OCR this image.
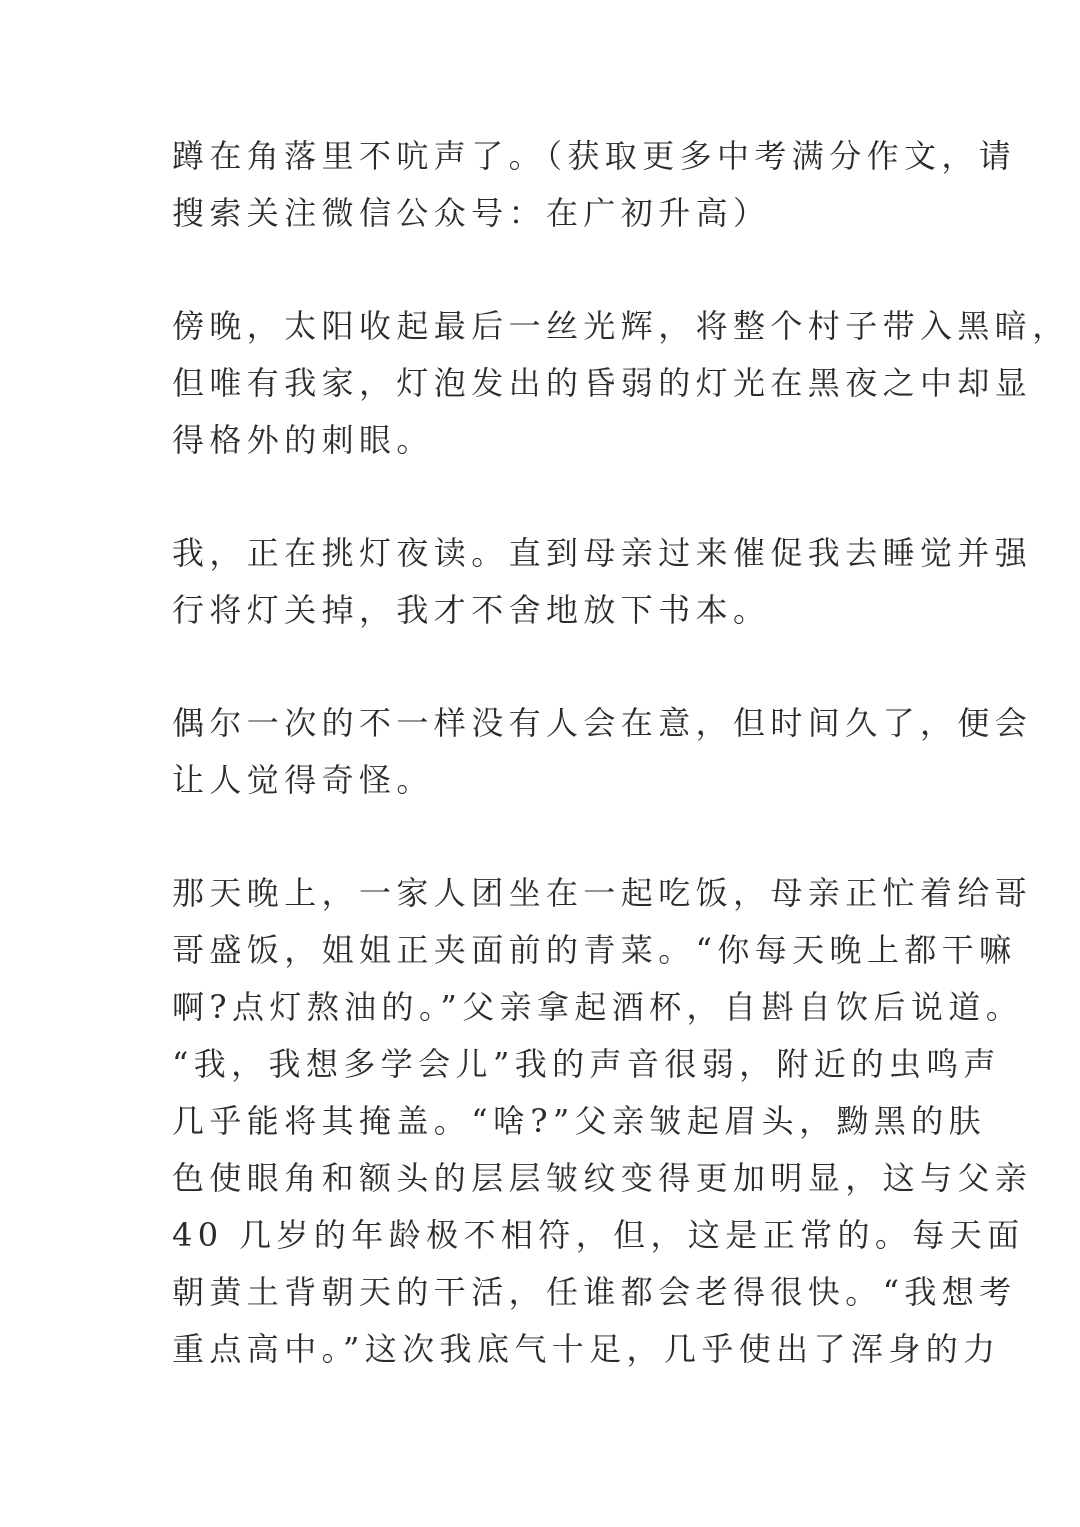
蹲在角落里不吭声了。（获取更多中考满分作文，请
搜索关注微信公众号：在广初升高）
傍晚，太阳收起最后一丝光辉，将整个村子带入黑暗，
但唯有我家，灯泡发出的昏弱的灯光在黑夜之中却显
得格外的刺眼。
我，正在挑灯夜读。直到母亲过来催促我去睡觉并强
行将灯关掉，我才不舍地放下书本。
偶尔一次的不一样没有人会在意，但时间久了，便会
让人觉得奇怪。
那天晚上，一家人团坐在一起吃饭，母亲正忙着给哥
哥盛饭，姐姐正夹面前的青菜。“你每天晚上都干嘛
啊?点灯熬油的。”父亲拿起酒杯，自斟自饮后说道。
“我，我想多学会儿”我的声音很弱，附近的虫鸣声
几乎能将其掩盖。“啥?”父亲皱起眉头，黝黑的肤
色使眼角和额头的层层皱纹变得更加明显，这与父亲
40 几岁的年龄极不相符，但，这是正常的。每天面
朝黄土背朝天的干活，任谁都会老得很快。“我想考
重点高中。”这次我底气十足，几乎使出了浑身的力
